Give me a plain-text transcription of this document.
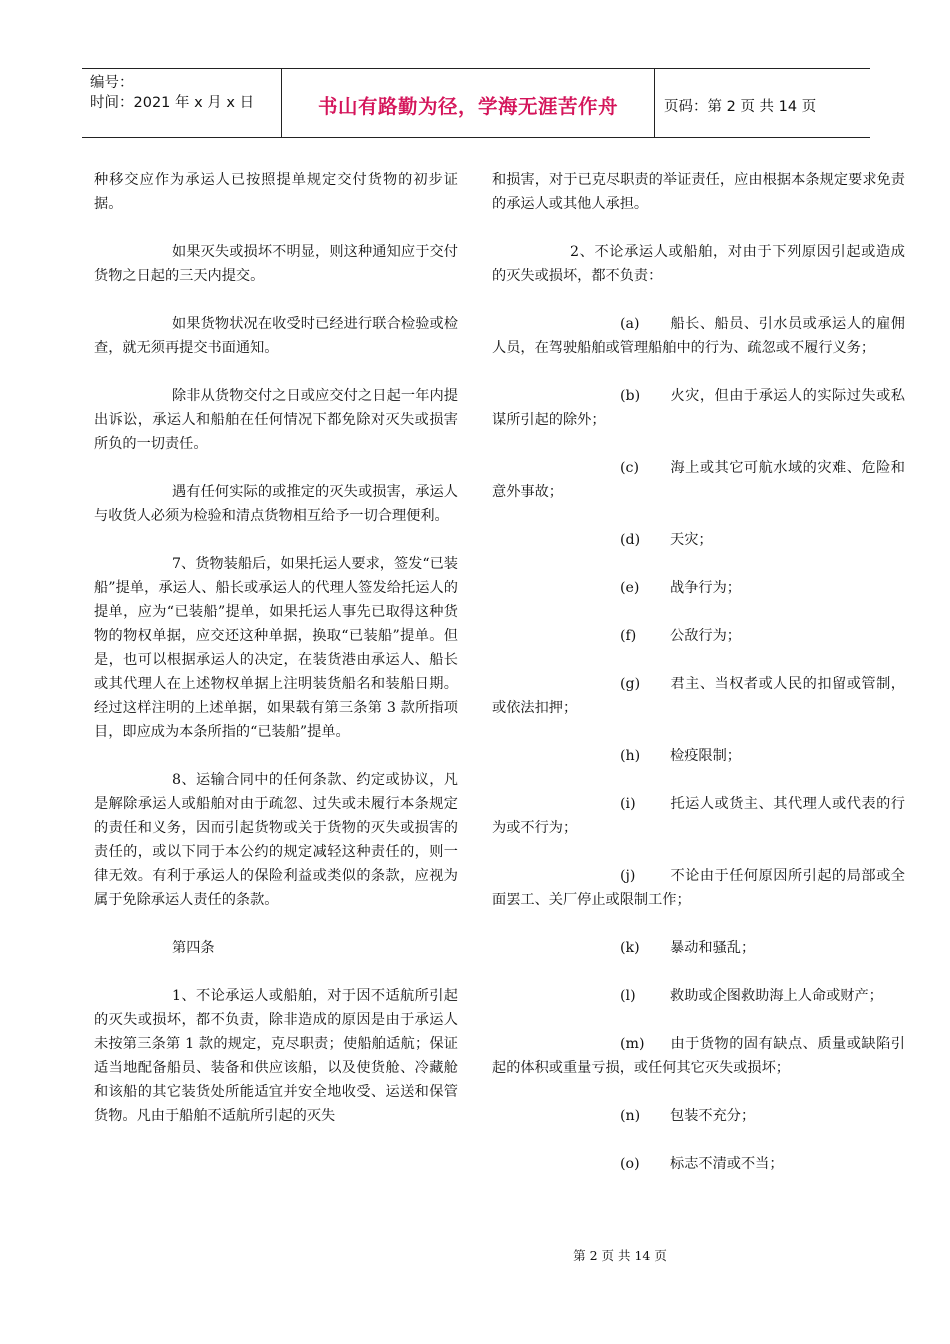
编号：
时间：2021 年 x 月 x 日	书山有路勤为径，学海无涯苦作舟	页码：第 2 页 共 14 页

种移交应作为承运人已按照提单规定交付货物的初步证据。

如果灭失或损坏不明显，则这种通知应于交付货物之日起的三天内提交。

如果货物状况在收受时已经进行联合检验或检查，就无须再提交书面通知。

除非从货物交付之日或应交付之日起一年内提出诉讼，承运人和船舶在任何情况下都免除对灭失或损害所负的一切责任。

遇有任何实际的或推定的灭失或损害，承运人与收货人必须为检验和清点货物相互给予一切合理便利。

7、货物装船后，如果托运人要求，签发“已装船”提单，承运人、船长或承运人的代理人签发给托运人的提单，应为“已装船”提单，如果托运人事先已取得这种货物的物权单据，应交还这种单据，换取“已装船”提单。但是，也可以根据承运人的决定，在装货港由承运人、船长或其代理人在上述物权单据上注明装货船名和装船日期。经过这样注明的上述单据，如果载有第三条第 3 款所指项目，即应成为本条所指的“已装船”提单。

8、运输合同中的任何条款、约定或协议，凡是解除承运人或船舶对由于疏忽、过失或未履行本条规定的责任和义务，因而引起货物或关于货物的灭失或损害的责任的，或以下同于本公约的规定减轻这种责任的，则一律无效。有利于承运人的保险利益或类似的条款，应视为属于免除承运人责任的条款。

第四条

1、不论承运人或船舶，对于因不适航所引起的灭失或损坏，都不负责，除非造成的原因是由于承运人未按第三条第 1 款的规定，克尽职责；使船舶适航；保证适当地配备船员、装备和供应该船，以及使货舱、冷藏舱和该船的其它装货处所能适宜并安全地收受、运送和保管货物。凡由于船舶不适航所引起的灭失

和损害，对于已克尽职责的举证责任，应由根据本条规定要求免责的承运人或其他人承担。

2、不论承运人或船舶，对由于下列原因引起或造成的灭失或损坏，都不负责：

(a) 船长、船员、引水员或承运人的雇佣人员，在驾驶船舶或管理船舶中的行为、疏忽或不履行义务；

(b) 火灾，但由于承运人的实际过失或私谋所引起的除外；

(c) 海上或其它可航水域的灾难、危险和意外事故；

(d) 天灾；

(e) 战争行为；

(f) 公敌行为；

(g) 君主、当权者或人民的扣留或管制，或依法扣押；

(h) 检疫限制；

(i) 托运人或货主、其代理人或代表的行为或不行为；

(j) 不论由于任何原因所引起的局部或全面罢工、关厂停止或限制工作；

(k) 暴动和骚乱；

(l) 救助或企图救助海上人命或财产；

(m) 由于货物的固有缺点、质量或缺陷引起的体积或重量亏损，或任何其它灭失或损坏；

(n) 包装不充分；

(o) 标志不清或不当；

第 2 页 共 14 页
